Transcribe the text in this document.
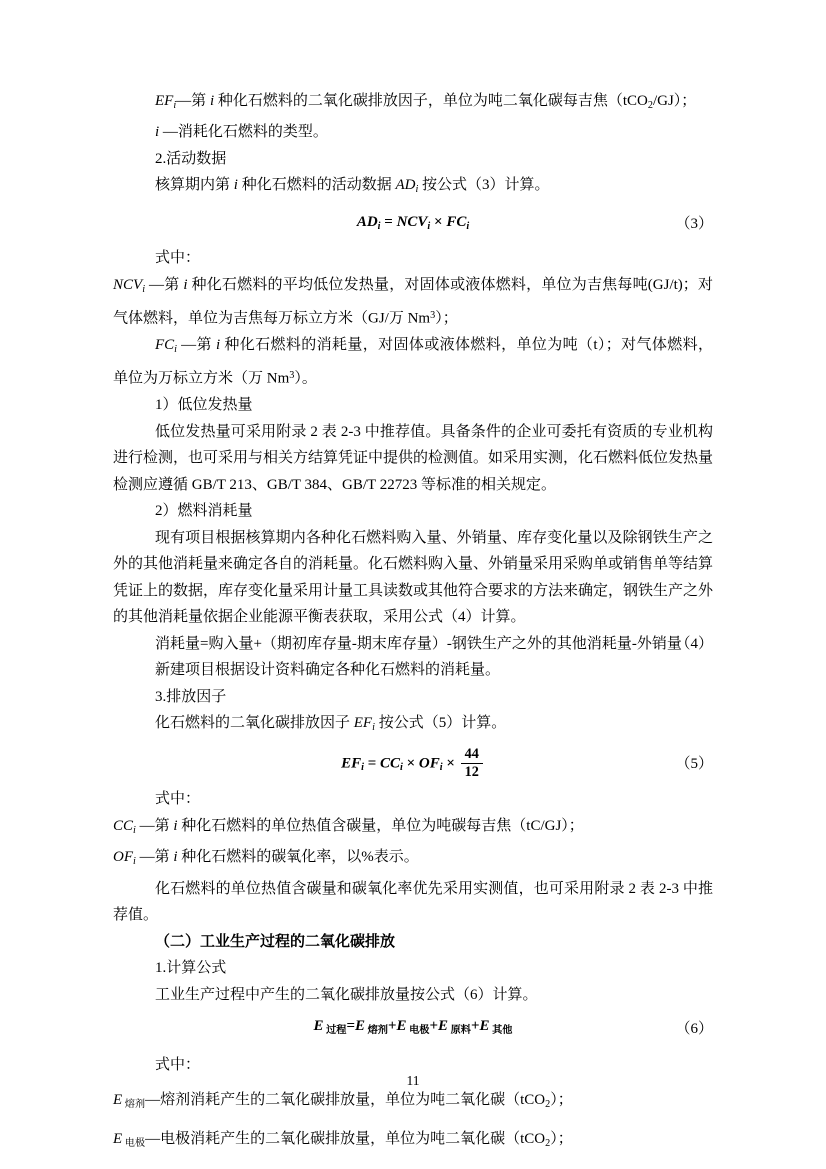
$EF_i—$第 i 种化石燃料的二氧化碳排放因子，单位为吨二氧化碳每吉焦（tCO$_2$/GJ）；
i —消耗化石燃料的类型。
2.活动数据
核算期内第 i 种化石燃料的活动数据 $AD_i$ 按公式（3）计算。
$AD_i = NCV_i \times FC_i$	（3）
式中：
$NCV_i$ —第 i 种化石燃料的平均低位发热量，对固体或液体燃料，单位为吉焦每吨(GJ/t)；对气体燃料，单位为吉焦每万标立方米（GJ/万 Nm$^3$）；
$FC_i$ —第 i 种化石燃料的消耗量，对固体或液体燃料，单位为吨（t）；对气体燃料，单位为万标立方米（万 Nm$^3$）。
1）低位发热量
低位发热量可采用附录 2 表 2-3 中推荐值。具备条件的企业可委托有资质的专业机构进行检测，也可采用与相关方结算凭证中提供的检测值。如采用实测，化石燃料低位发热量检测应遵循 GB/T 213、GB/T 384、GB/T 22723 等标准的相关规定。
2）燃料消耗量
现有项目根据核算期内各种化石燃料购入量、外销量、库存变化量以及除钢铁生产之外的其他消耗量来确定各自的消耗量。化石燃料购入量、外销量采用采购单或销售单等结算凭证上的数据，库存变化量采用计量工具读数或其他符合要求的方法来确定，钢铁生产之外的其他消耗量依据企业能源平衡表获取，采用公式（4）计算。
消耗量=购入量+（期初库存量-期末库存量）-钢铁生产之外的其他消耗量-外销量
（4）
新建项目根据设计资料确定各种化石燃料的消耗量。
3.排放因子
化石燃料的二氧化碳排放因子 $EF_i$ 按公式（5）计算。
$EF_i = CC_i \times OF_i \times \frac{44}{12}$	（5）
式中：
$CC_i$ —第 i 种化石燃料的单位热值含碳量，单位为吨碳每吉焦（tC/GJ）；
$OF_i$ —第 i 种化石燃料的碳氧化率，以%表示。
化石燃料的单位热值含碳量和碳氧化率优先采用实测值，也可采用附录 2 表 2-3 中推荐值。
（二）工业生产过程的二氧化碳排放
1.计算公式
工业生产过程中产生的二氧化碳排放量按公式（6）计算。
E $_{过程}$=E $_{熔剂}$+E $_{电极}$+E $_{原料}$+E $_{其他}$	（6）
式中：
E $_{熔剂}$—熔剂消耗产生的二氧化碳排放量，单位为吨二氧化碳（tCO$_2$）；
E $_{电极}$—电极消耗产生的二氧化碳排放量，单位为吨二氧化碳（tCO$_2$）；
11
